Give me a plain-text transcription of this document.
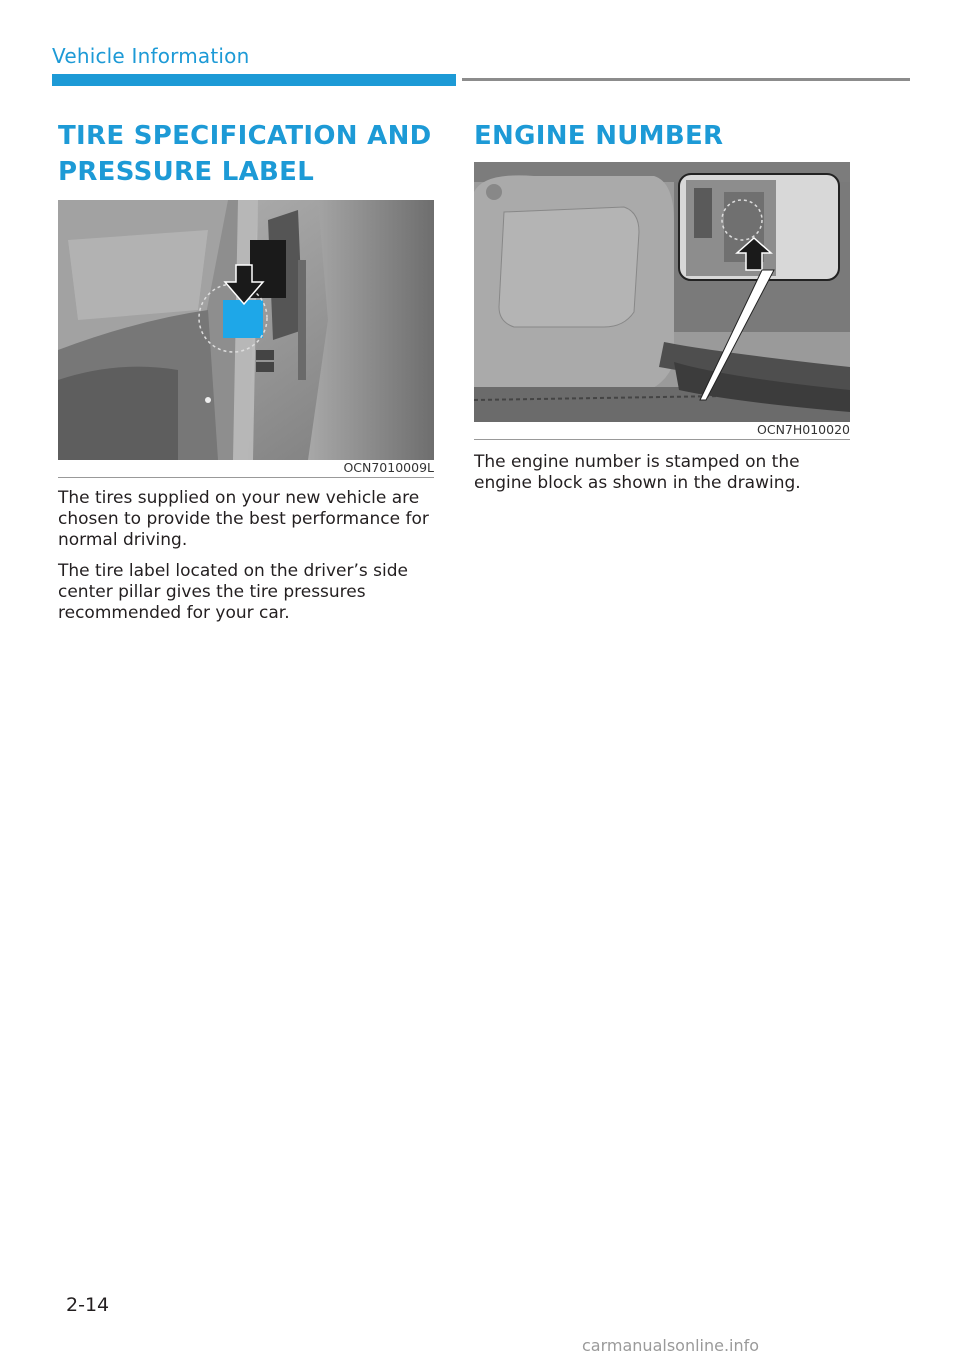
Vehicle Information
TIRE SPECIFICATION AND
PRESSURE LABEL
OCN7010009L

The tires supplied on your new vehicle are chosen to provide the best performance for normal driving.

The tire label located on the driver’s side center pillar gives the tire pressures recommended for your car.

ENGINE NUMBER
OCN7H010020

The engine number is stamped on the engine block as shown in the drawing.

2-14
carmanualsonline.info
